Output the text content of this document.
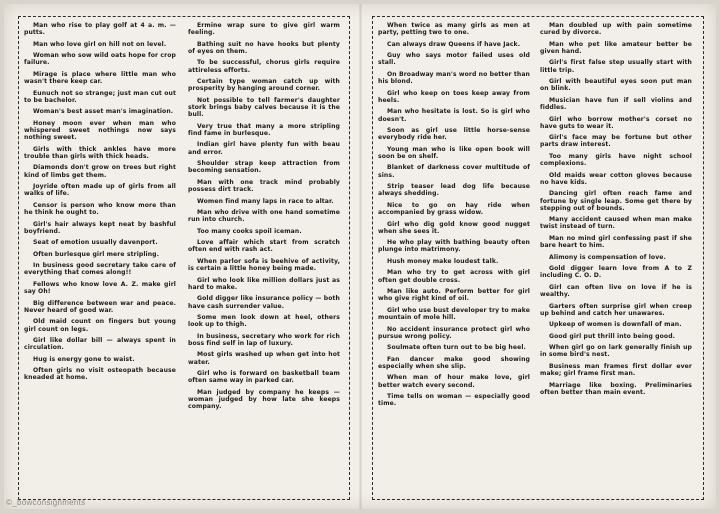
Man who rise to play golf at 4 a. m. — putts.

Man who love girl on hill not on level.

Woman who sow wild oats hope for crop failure.

Mirage is place where little man who wasn't there keep car.

Eunuch not so strange; just man cut out to be bachelor.

Woman's best asset man's imagination.

Honey moon ever when man who whispered sweet nothings now says nothing sweet.

Girls with thick ankles have more trouble than girls with thick heads.

Diamonds don't grow on trees but right kind of limbs get them.

Joyride often made up of girls from all walks of life.

Censor is person who know more than he think he ought to.

Girl's hair always kept neat by bashful boyfriend.

Seat of emotion usually davenport.

Often burlesque girl mere stripling.

In business good secretary take care of everything that comes along!!

Fellows who know love A. Z. make girl say Oh!

Big difference between war and peace. Never heard of good war.

Old maid count on fingers but young girl count on legs.

Girl like dollar bill — always spent in circulation.

Hug is energy gone to waist.

Often girls no visit osteopath because kneaded at home.

Ermine wrap sure to give girl warm feeling.

Bathing suit no have hooks but plenty of eyes on them.

To be successful, chorus girls require attireless efforts.

Certain type woman catch up with prosperity by hanging around corner.

Not possible to tell farmer's daughter stork brings baby calves because it is the bull.

Very true that many a more stripling find fame in burlesque.

Indian girl have plenty fun with beau and error.

Shoulder strap keep attraction from becoming sensation.

Man with one track mind probably possess dirt track.

Women find many laps in race to altar.

Man who drive with one hand sometime run into church.

Too many cooks spoil iceman.

Love affair which start from scratch often end with rash act.

When parlor sofa is beehive of activity, is certain a little honey being made.

Girl who look like million dollars just as hard to make.

Gold digger like insurance policy — both have cash surrender value.

Some men look down at heel, others look up to thigh.

In business, secretary who work for rich boss find self in lap of luxury.

Most girls washed up when get into hot water.

Girl who is forward on basketball team often same way in parked car.

Man judged by company he keeps — woman judged by how late she keeps company.

When twice as many girls as men at party, petting two to one.

Can always draw Queens if have Jack.

Guy who says motor failed uses old stall.

On Broadway man's word no better than his blond.

Girl who keep on toes keep away from heels.

Man who hesitate is lost. So is girl who doesn't.

Soon as girl use little horse-sense everybody ride her.

Young man who is like open book will soon be on shelf.

Blanket of darkness cover multitude of sins.

Strip teaser lead dog life because always shedding.

Nice to go on hay ride when accompanied by grass widow.

Girl who dig gold know good nugget when she sees it.

He who play with bathing beauty often plunge into matrimony.

Hush money make loudest talk.

Man who try to get across with girl often get double cross.

Man like auto. Perform better for girl who give right kind of oil.

Girl who use bust developer try to make mountain of mole hill.

No accident insurance protect girl who pursue wrong policy.

Soulmate often turn out to be big heel.

Fan dancer make good showing especially when she slip.

When man of hour make love, girl better watch every second.

Time tells on woman — especially good time.

Man doubled up with pain sometime cured by divorce.

Man who pet like amateur better be given hand.

Girl's first false step usually start with little trip.

Girl with beautiful eyes soon put man on blink.

Musician have fun if sell violins and fiddles.

Girl who borrow mother's corset no have guts to wear it.

Girl's face may be fortune but other parts draw interest.

Too many girls have night school complexions.

Old maids wear cotton gloves because no have kids.

Dancing girl often reach fame and fortune by single leap. Some get there by stepping out of bounds.

Many accident caused when man make twist instead of turn.

Man no mind girl confessing past if she bare heart to him.

Alimony is compensation of love.

Gold digger learn love from A to Z including C. O. D.

Girl can often live on love if he is wealthy.

Garters often surprise girl when creep up behind and catch her unawares.

Upkeep of women is downfall of man.

Good girl put thrill into being good.

When girl go on lark generally finish up in some bird's nest.

Business man frames first dollar ever make; girl frame first man.

Marriage like boxing. Preliminaries often better than main event.

©_bowconsignments
